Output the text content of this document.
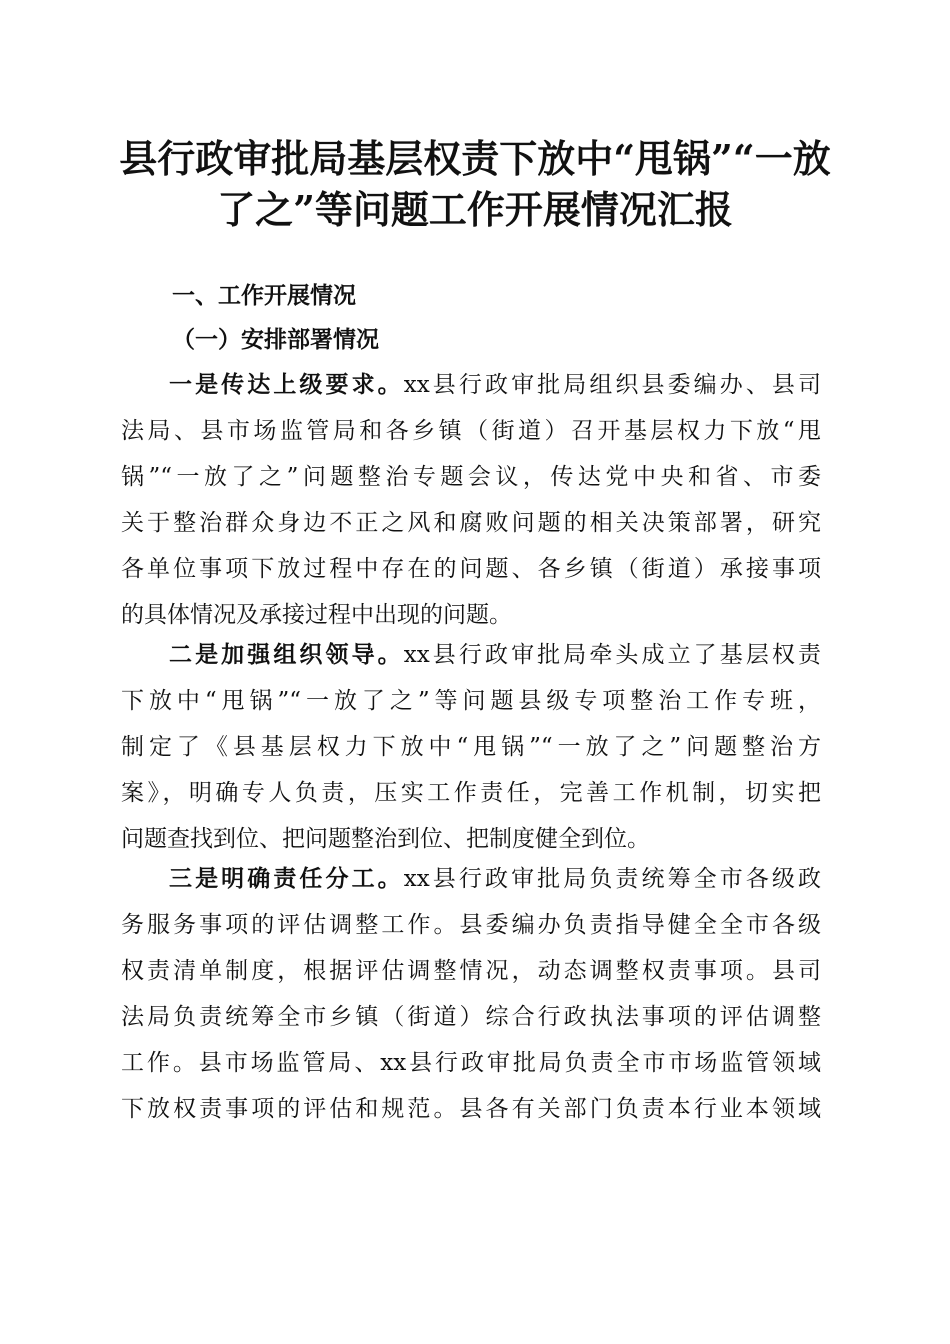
县行政审批局基层权责下放中“甩锅”“一放
了之”等问题工作开展情况汇报
一、工作开展情况
（一）安排部署情况
一是传达上级要求。xx县行政审批局组织县委编办、县司
法局、县市场监管局和各乡镇（街道）召开基层权力下放“甩
锅”“一放了之”问题整治专题会议，传达党中央和省、市委
关于整治群众身边不正之风和腐败问题的相关决策部署，研究
各单位事项下放过程中存在的问题、各乡镇（街道）承接事项
的具体情况及承接过程中出现的问题。
二是加强组织领导。xx县行政审批局牵头成立了基层权责
下放中“甩锅”“一放了之”等问题县级专项整治工作专班，
制定了《县基层权力下放中“甩锅”“一放了之”问题整治方
案》，明确专人负责，压实工作责任，完善工作机制，切实把
问题查找到位、把问题整治到位、把制度健全到位。
三是明确责任分工。xx县行政审批局负责统筹全市各级政
务服务事项的评估调整工作。县委编办负责指导健全全市各级
权责清单制度，根据评估调整情况，动态调整权责事项。县司
法局负责统筹全市乡镇（街道）综合行政执法事项的评估调整
工作。县市场监管局、xx县行政审批局负责全市市场监管领域
下放权责事项的评估和规范。县各有关部门负责本行业本领域
